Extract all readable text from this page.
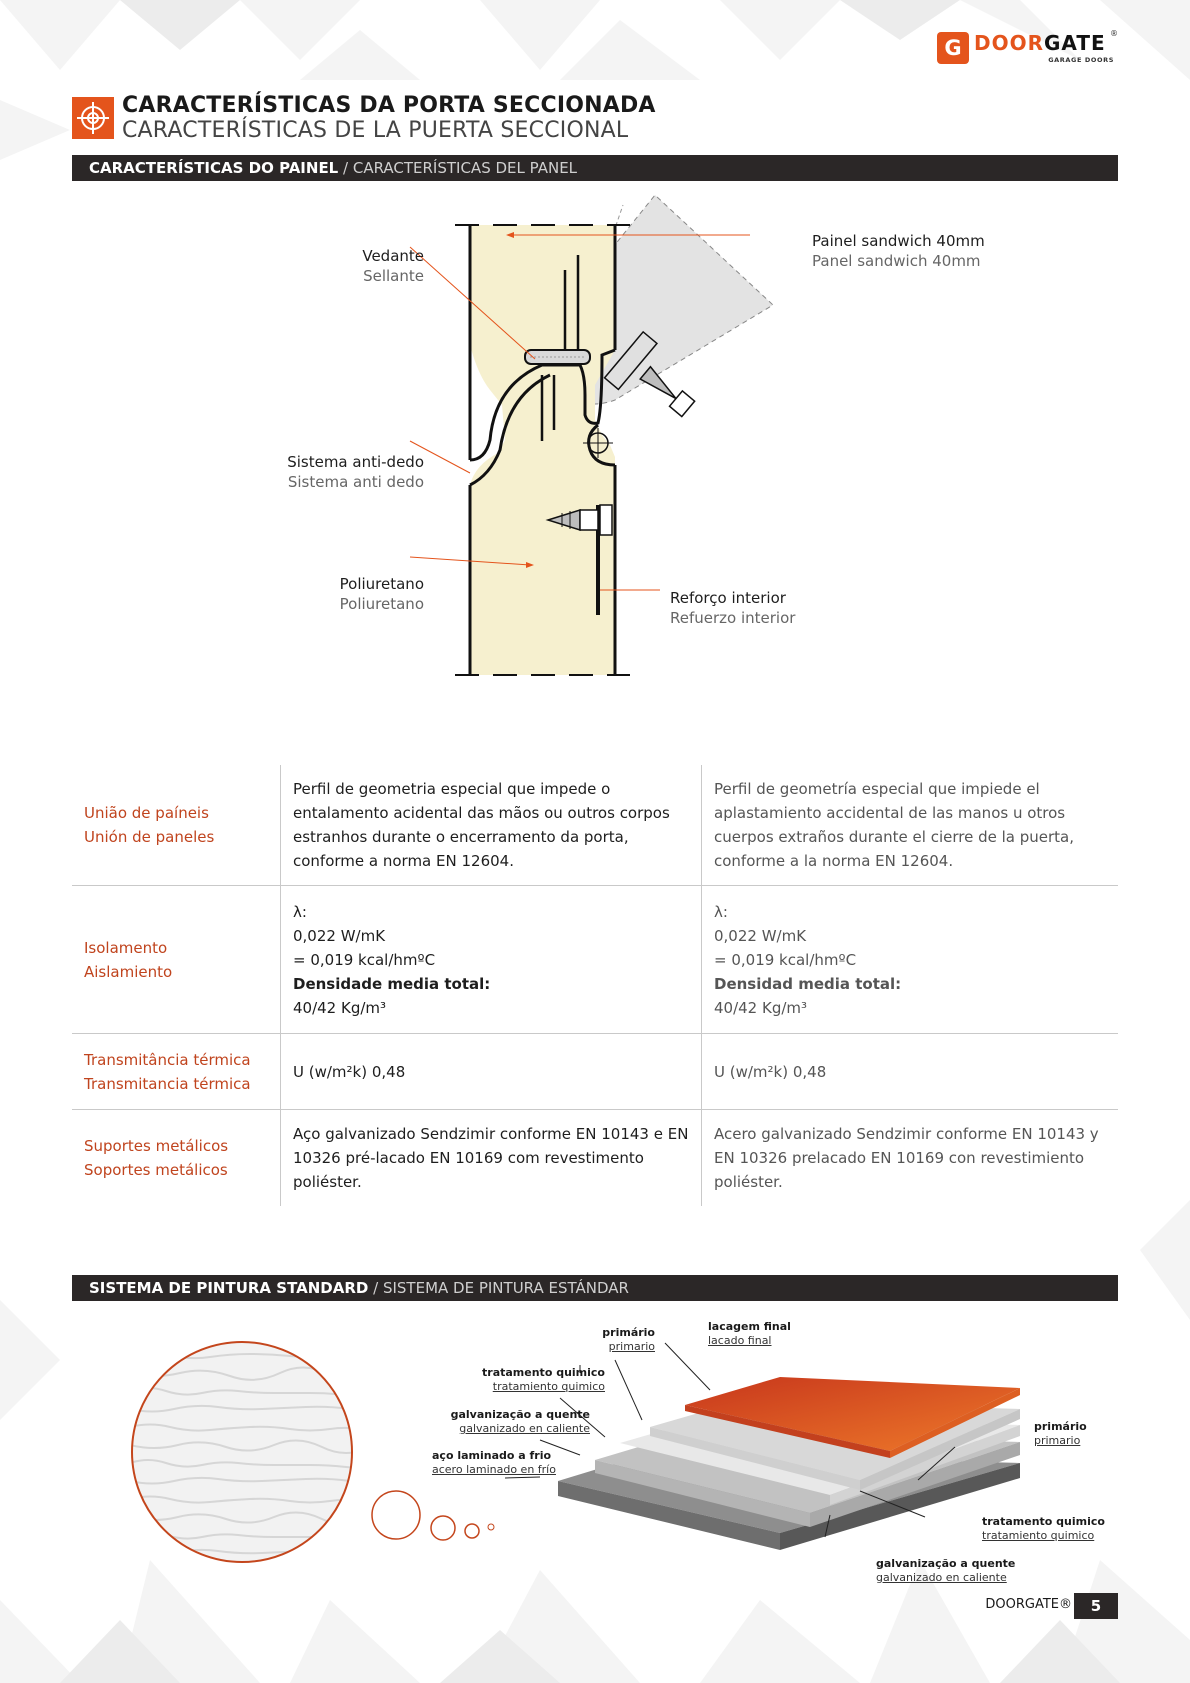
G DOORGATE
GARAGE DOORS
®
CARACTERÍSTICAS DA PORTA SECCIONADA
CARACTERÍSTICAS DE LA PUERTA SECCIONAL
CARACTERÍSTICAS DO PAINEL / CARACTERÍSTICAS DEL PANEL
Vedante
Sellante
Painel sandwich 40mm
Panel sandwich 40mm
Sistema anti-dedo
Sistema anti dedo
Poliuretano
Poliuretano	Reforço interior
Refuerzo interior
União de paíneis
Unión de paneles	Perfil de geometria especial que impede o entalamento acidental das mãos ou outros corpos estranhos durante o encerramento da porta, conforme a norma EN 12604.	Perfil de geometría especial que impiede el aplastamiento accidental de las manos u otros cuerpos extraños durante el cierre de la puerta, conforme a la norma EN 12604.

Isolamento
Aislamiento	λ:
0,022 W/mK
= 0,019 kcal/hmºC
Densidade media total:
40/42 Kg/m³	λ:
0,022 W/mK
= 0,019 kcal/hmºC
Densidad media total:
40/42 Kg/m³

Transmitância térmica
Transmitancia térmica	U (w/m²k) 0,48	U (w/m²k) 0,48

Suportes metálicos
Soportes metálicos	Aço galvanizado Sendzimir conforme EN 10143 e EN 10326 pré-lacado EN 10169 com revestimento poliéster.	Acero galvanizado Sendzimir conforme EN 10143 y EN 10326 prelacado EN 10169 con revestimiento poliéster.
SISTEMA DE PINTURA STANDARD / SISTEMA DE PINTURA ESTÁNDAR
primário
primario
lacagem final
lacado final
tratamento quimico
tratamiento quimico
galvanização a quente
galvanizado en caliente
aço laminado a frio
acero laminado en frío
primário
primario
tratamento quimico
tratamiento quimico
galvanização a quente
galvanizado en caliente
DOORGATE®	5
